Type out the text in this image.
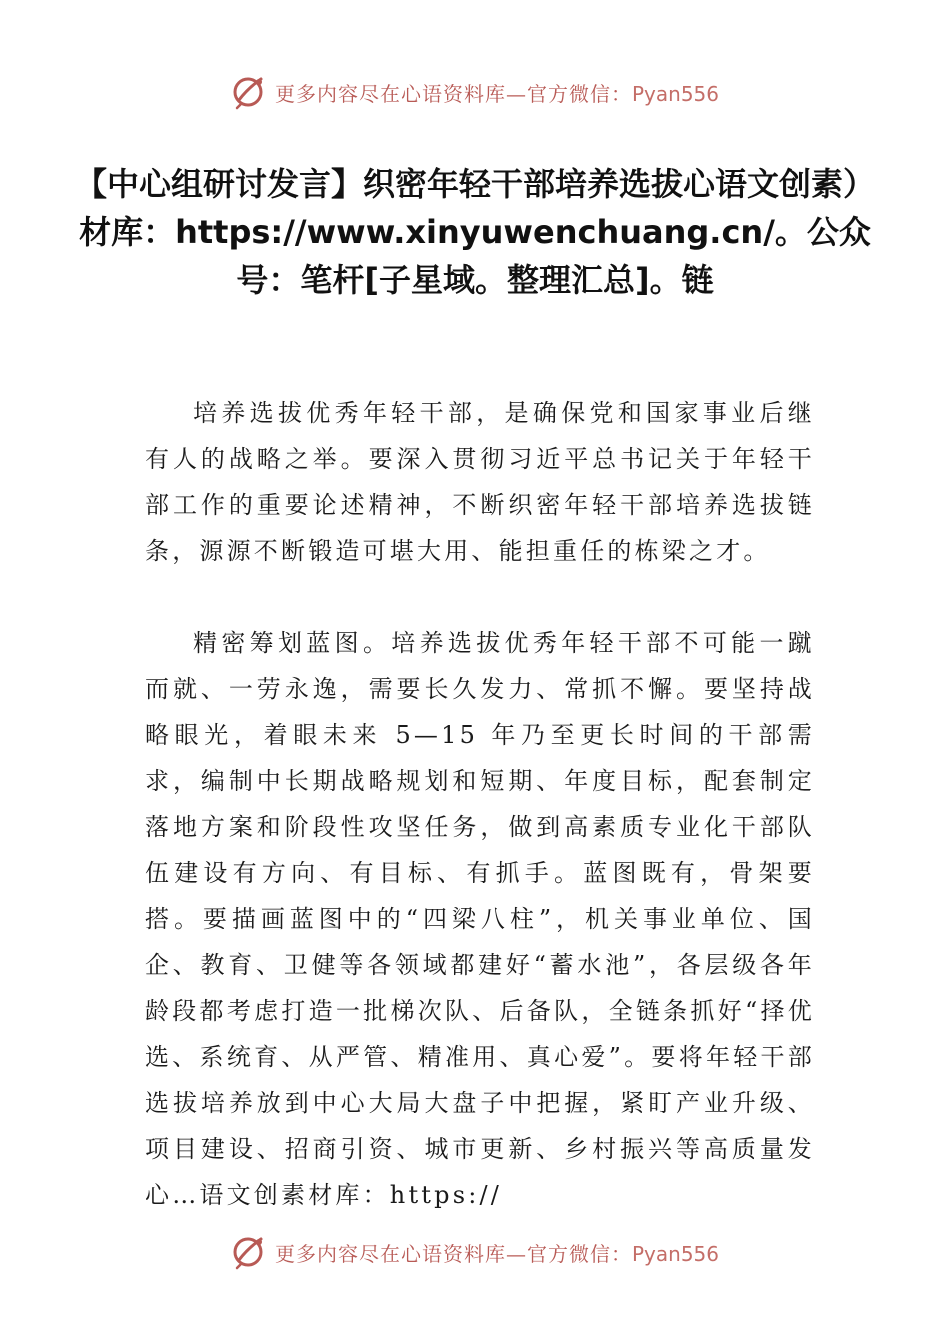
更多内容尽在心语资料库—官方微信：Pyan556
【中心组研讨发言】织密年轻干部培养选拔心语文创素）材库：https://www.xinyuwenchuang.cn/。公众号：笔杆[子星域。整理汇总]。链

培养选拔优秀年轻干部，是确保党和国家事业后继有人的战略之举。要深入贯彻习近平总书记关于年轻干部工作的重要论述精神，不断织密年轻干部培养选拔链条，源源不断锻造可堪大用、能担重任的栋梁之才。

精密筹划蓝图。培养选拔优秀年轻干部不可能一蹴而就、一劳永逸，需要长久发力、常抓不懈。要坚持战略眼光，着眼未来 5—15 年乃至更长时间的干部需求，编制中长期战略规划和短期、年度目标，配套制定落地方案和阶段性攻坚任务，做到高素质专业化干部队伍建设有方向、有目标、有抓手。蓝图既有，骨架要搭。要描画蓝图中的“四梁八柱”，机关事业单位、国企、教育、卫健等各领域都建好“蓄水池”，各层级各年龄段都考虑打造一批梯次队、后备队，全链条抓好“择优选、系统育、从严管、精准用、真心爱”。要将年轻干部选拔培养放到中心大局大盘子中把握，紧盯产业升级、项目建设、招商引资、城市更新、乡村振兴等高质量发心…语文创素材库：https://

更多内容尽在心语资料库—官方微信：Pyan556
